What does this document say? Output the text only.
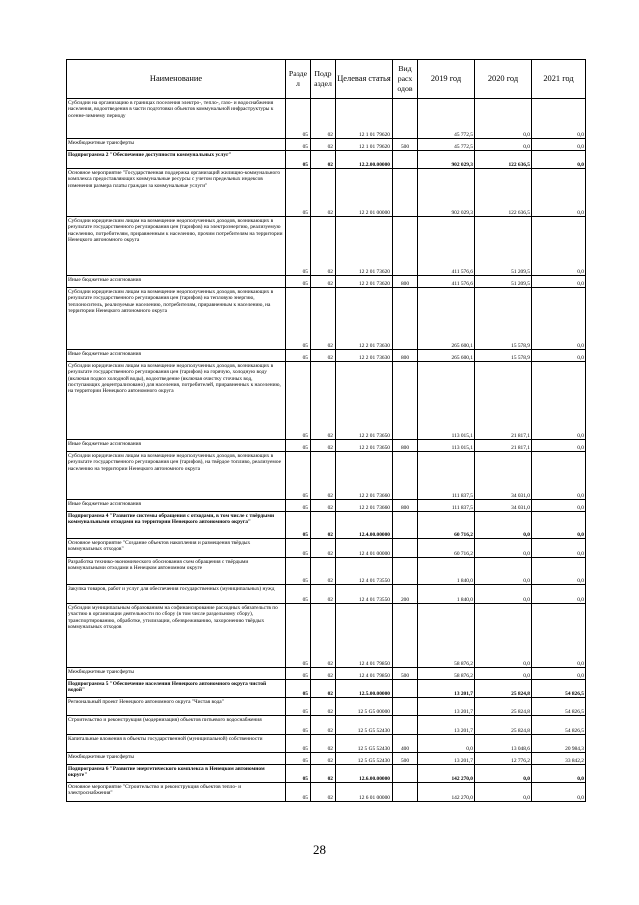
Наименование	Разде л	Подр аздел	Целевая статья	Вид расх одов	2019 год	2020 год	2021 год
Субсидии на организацию в границах поселения электро-, тепло-, газо- и водоснабжения населения, водоотведения в части подготовки объектов коммунальной инфраструктуры к осенне-зимнему периоду	05	02	12 1 01 79620		45 772,5	0,0	0,0
Межбюджетные трансферты	05	02	12 1 01 79620	500	45 772,5	0,0	0,0
Подпрограмма 2 "Обеспечение доступности коммунальных услуг"	05	02	12.2.00.00000		902 029,3	122 636,5	0,0
Основное мероприятие "Государственная поддержка организаций жилищно-коммунального комплекса предоставляющих коммунальные ресурсы с учетом предельных индексов изменения размера платы граждан за коммунальные услуги"	05	02	12 2 01 00000		902 029,3	122 636,5	0,0
Субсидии юридическим лицам на возмещение недополученных доходов, возникающих в результате государственного регулирования цен (тарифов) на электроэнергию, реализуемую населению, потребителям, приравненным к населению, прочим потребителям на территории Ненецкого автономного округа	05	02	12 2 01 73620		411 576,6	51 209,5	0,0
Иные бюджетные ассигнования	05	02	12 2 01 73620	800	411 576,6	51 209,5	0,0
Субсидии юридическим лицам на возмещение недополученных доходов, возникающих в результате государственного регулирования цен (тарифов) на тепловую энергию, теплоноситель, реализуемые населению, потребителям, приравненным к населению, на территории Ненецкого автономного округа	05	02	12 2 01 73630		265 600,1	15 578,9	0,0
Иные бюджетные ассигнования	05	02	12 2 01 73630	800	265 600,1	15 578,9	0,0
Субсидии юридическим лицам на возмещение недополученных доходов, возникающих в результате государственного регулирования цен (тарифов) на горячую, холодную воду (включая подвоз холодной воды), водоотведение (включая очистку сточных вод, поступающих децентрализовано) для населения, потребителей, приравненных к населению, на территории Ненецкого автономного округа	05	02	12 2 01 73650		113 015,1	21 817,1	0,0
Иные бюджетные ассигнования	05	02	12 2 01 73650	800	113 015,1	21 817,1	0,0
Субсидии юридическим лицам на возмещение недополученных доходов, возникающих в результате государственного регулирования цен (тарифов), на твёрдое топливо, реализуемое населению на территории Ненецкого автономного округа	05	02	12 2 01 73660		111 837,5	34 031,0	0,0
Иные бюджетные ассигнования	05	02	12 2 01 73660	800	111 837,5	34 031,0	0,0
Подпрограмма 4 "Развитие системы обращения с отходами, в том числе с твёрдыми коммунальными отходами на территории Ненецкого автономного округа"	05	02	12.4.00.00000		60 716,2	0,0	0,0
Основное мероприятие "Создание объектов накопления и размещения твёрдых коммунальных отходов"	05	02	12 4 01 00000		60 716,2	0,0	0,0
Разработка технико-экономического обоснования схем обращения с твёрдыми коммунальными отходами в Ненецком автономном округе	05	02	12 4 01 73550		1 840,0	0,0	0,0
Закупка товаров, работ и услуг для обеспечения государственных (муниципальных) нужд	05	02	12 4 01 73550	200	1 840,0	0,0	0,0
Субсидии муниципальным образованиям на софинансирование расходных обязательств по участию в организации деятельности по сбору (в том числе раздельному сбору), транспортированию, обработке, утилизации, обезвреживанию, захоронению твёрдых коммунальных отходов	05	02	12 4 01 79850		58 876,2	0,0	0,0
Межбюджетные трансферты	05	02	12 4 01 79850	500	58 876,2	0,0	0,0
Подпрограмма 5 "Обеспечение населения Ненецкого автономного округа чистой водой"	05	02	12.5.00.00000		13 201,7	25 824,8	54 826,5
Региональный проект Ненецкого автономного округа "Чистая вода"	05	02	12 5 G5 00000		13 201,7	25 824,8	54 826,5
Строительство и реконструкция (модернизация) объектов питьевого водоснабжения	05	02	12 5 G5 52430		13 201,7	25 824,8	54 826,5
Капитальные вложения в объекты государственной (муниципальной) собственности	05	02	12 5 G5 52430	400	0,0	13 048,6	20 984,3
Межбюджетные трансферты	05	02	12 5 G5 52430	500	13 201,7	12 776,2	33 842,2
Подпрограмма 6 "Развитие энергетического комплекса в Ненецком автономном округе"	05	02	12.6.00.00000		142 270,0	0,0	0,0
Основное мероприятие "Строительство и реконструкция объектов тепло- и электроснабжения"	05	02	12 6 01 00000		142 270,0	0,0	0,0
28
